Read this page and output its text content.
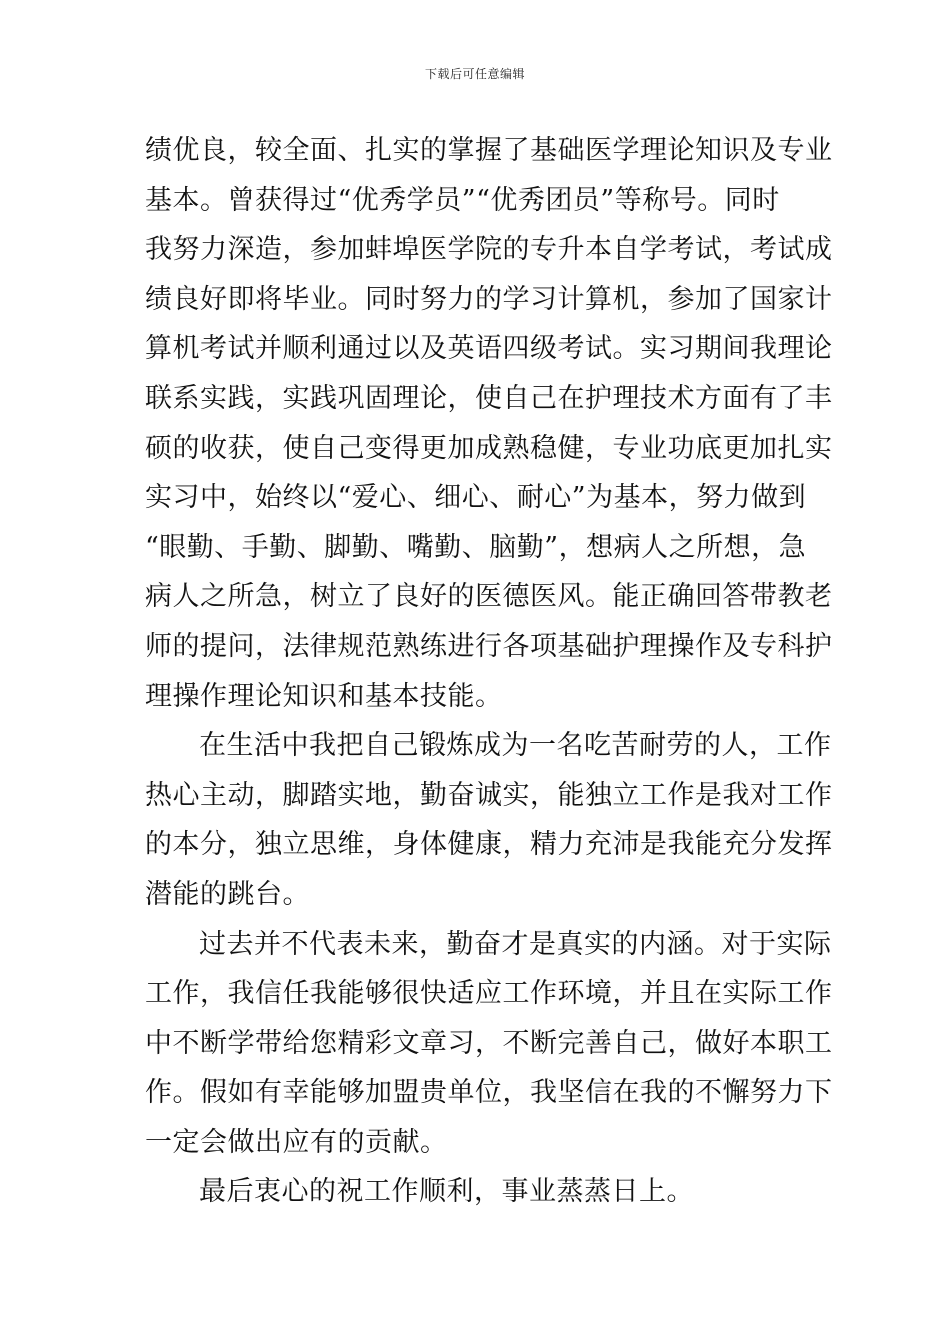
下载后可任意编辑
绩优良，较全面、扎实的掌握了基础医学理论知识及专业
基本。曾获得过“优秀学员”“优秀团员”等称号。同时
我努力深造，参加蚌埠医学院的专升本自学考试，考试成
绩良好即将毕业。同时努力的学习计算机，参加了国家计
算机考试并顺利通过以及英语四级考试。实习期间我理论
联系实践，实践巩固理论，使自己在护理技术方面有了丰
硕的收获，使自己变得更加成熟稳健，专业功底更加扎实
实习中，始终以“爱心、细心、耐心”为基本，努力做到
“眼勤、手勤、脚勤、嘴勤、脑勤”，想病人之所想，急
病人之所急，树立了良好的医德医风。能正确回答带教老
师的提问，法律规范熟练进行各项基础护理操作及专科护
理操作理论知识和基本技能。
在生活中我把自己锻炼成为一名吃苦耐劳的人，工作
热心主动，脚踏实地，勤奋诚实，能独立工作是我对工作
的本分，独立思维，身体健康，精力充沛是我能充分发挥
潜能的跳台。
过去并不代表未来，勤奋才是真实的内涵。对于实际
工作，我信任我能够很快适应工作环境，并且在实际工作
中不断学带给您精彩文章习，不断完善自己，做好本职工
作。假如有幸能够加盟贵单位，我坚信在我的不懈努力下
一定会做出应有的贡献。
最后衷心的祝工作顺利，事业蒸蒸日上。
